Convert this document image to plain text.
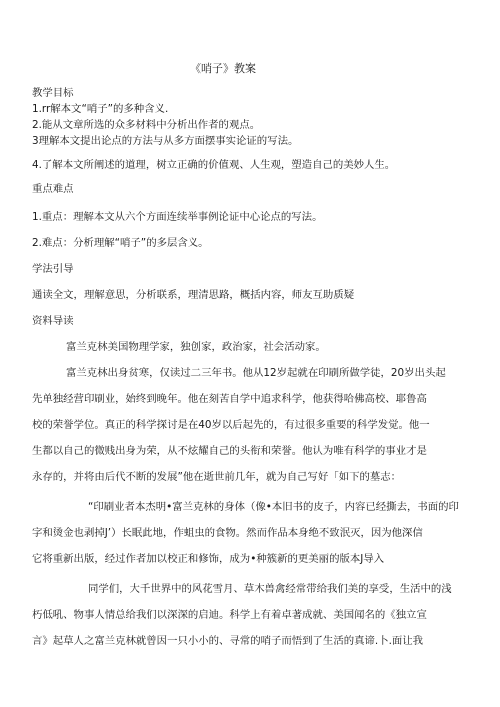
《哨子》教案
教学目标
1.rr解本文“哨子”的多种含义.
2.能从文章所选的众多材料中分析出作者的观点。
3理解本文提出论点的方法与从多方面摆事实论证的写法。
4.了解本文所阐述的道理，树立正确的价值观、人生观，塑造自己的美妙人生。
重点难点
1.重点：理解本文从六个方面连续举事例论证中心论点的写法。
2.难点：分析理解“哨子”的多层含义。
学法引导
通读全文，理解意思，分析联系，理清思路，概括内容，师友互助质疑
资料导读
富兰克林美国物理学家，独创家，政治家，社会活动家。
富兰克林出身贫寒，仅读过二三年书。他从12岁起就在印刷所做学徒，20岁出头起
先单独经营印刷业，始终到晚年。他在刻苦自学中追求科学，他获得哈佛高校、耶鲁高
校的荣誉学位。真正的科学探讨是在40岁以后起先的，有过很多重要的科学发觉。他一
生都以自己的微贱出身为荣，从不炫耀自己的头衔和荣誉。他认为唯有科学的事业才是
永存的，并将由后代不断的发展”他在逝世前几年，就为自己写好「如下的墓志：
“印刷业者本杰明•富兰克林的身体（像•本旧书的皮子，内容已经撕去，书面的印
字和烫金也剥掉J’）长眠此地，作蛆虫的食物。然而作品本身绝不致泯灭，因为他深信
它将重新出版，经过作者加以校正和修饰，成为•种簇新的更美丽的版本J导入
同学们，大千世界中的风花雪月、草木兽禽经常带给我们美的享受，生活中的浅
朽低吼、物事人情总给我们以深深的启迪。科学上有着卓著成就、美国闻名的《独立宣
言》起草人之富兰克林就曾因一只小小的、寻常的哨子而悟到了生活的真谛.卜.面让我
